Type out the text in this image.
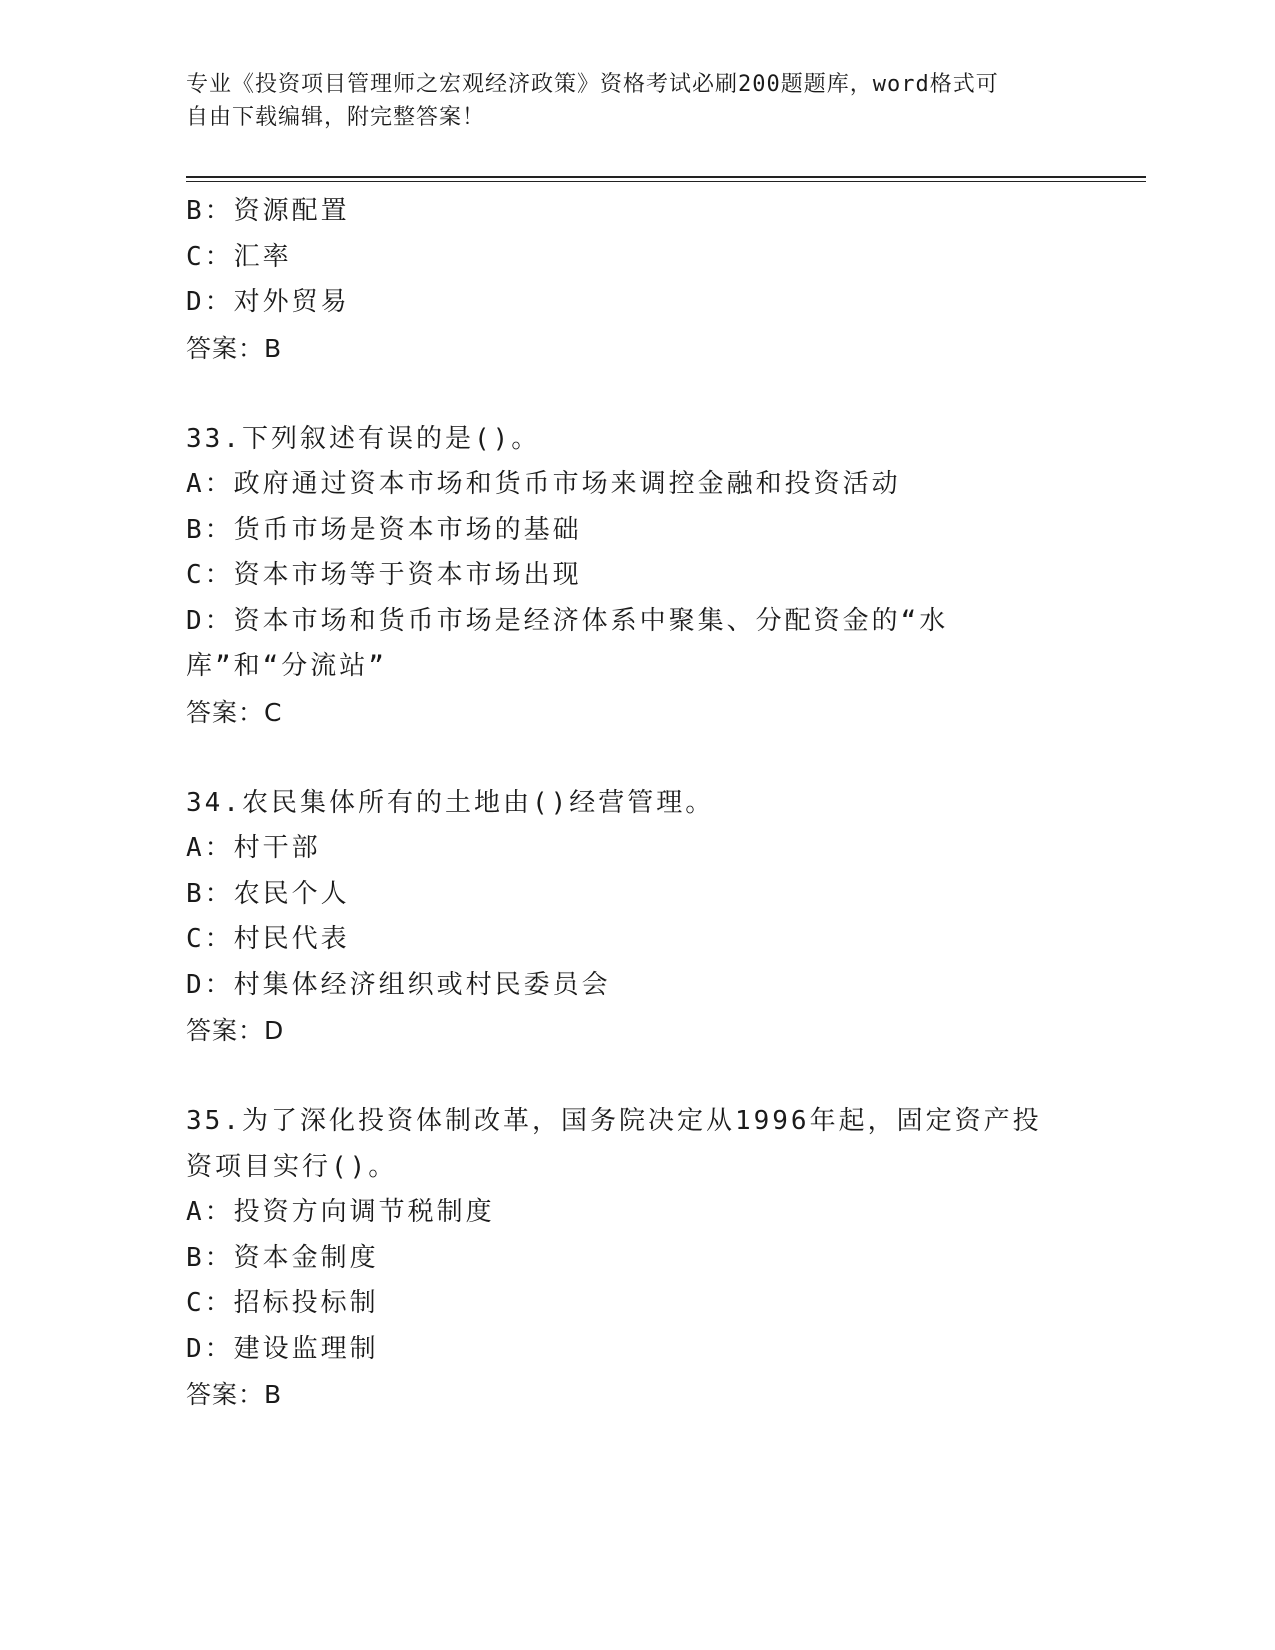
专业《投资项目管理师之宏观经济政策》资格考试必刷200题题库，word格式可
自由下载编辑，附完整答案！
B：资源配置
C：汇率
D：对外贸易
答案：B
33.下列叙述有误的是()。
A：政府通过资本市场和货币市场来调控金融和投资活动
B：货币市场是资本市场的基础
C：资本市场等于资本市场出现
D：资本市场和货币市场是经济体系中聚集、分配资金的“水库”和“分流站”
答案：C
34.农民集体所有的土地由()经营管理。
A：村干部
B：农民个人
C：村民代表
D：村集体经济组织或村民委员会
答案：D
35.为了深化投资体制改革，国务院决定从1996年起，固定资产投资项目实行()。
A：投资方向调节税制度
B：资本金制度
C：招标投标制
D：建设监理制
答案：B
